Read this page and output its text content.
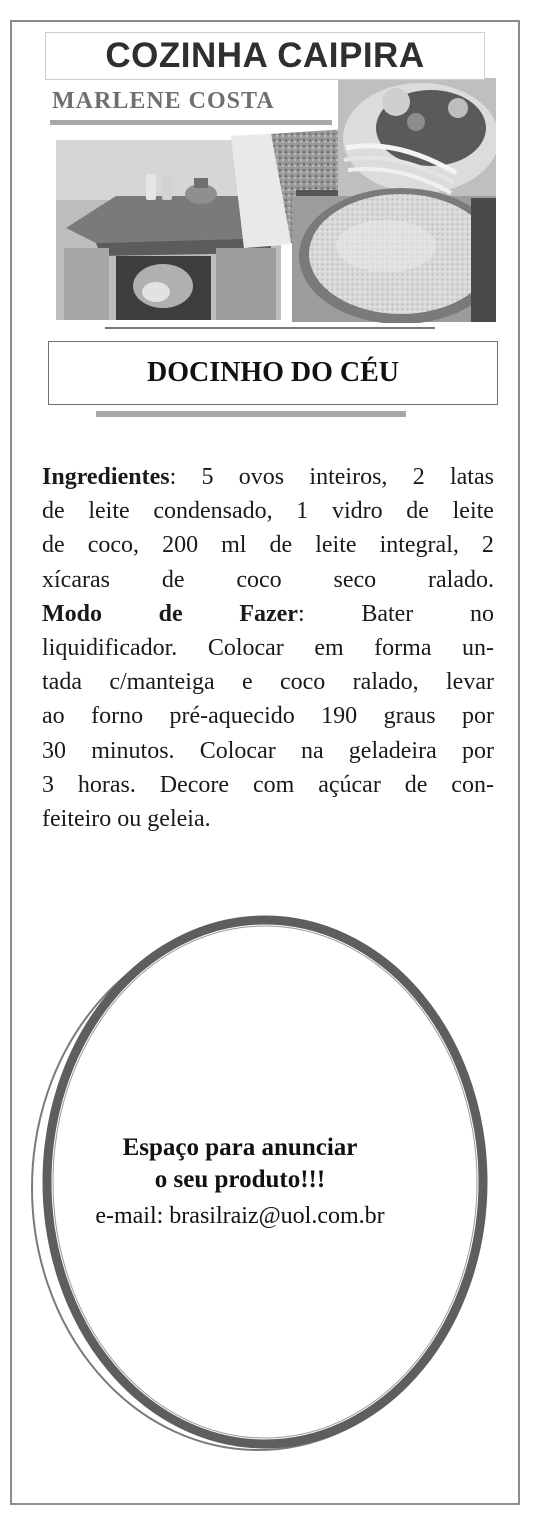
COZINHA CAIPIRA
MARLENE COSTA
DOCINHO DO CÉU
Ingredientes: 5 ovos inteiros, 2 latas
de leite condensado, 1 vidro de leite
de coco, 200 ml de leite integral, 2
xícaras de coco seco ralado.
Modo de Fazer: Bater no
liquidificador. Colocar em forma un-
tada c/manteiga e coco ralado, levar
ao forno pré-aquecido 190 graus por
30 minutos. Colocar na geladeira por
3 horas. Decore com açúcar de con-
feiteiro ou geleia.
Espaço para anunciar
o seu produto!!!
e-mail: brasilraiz@uol.com.br
